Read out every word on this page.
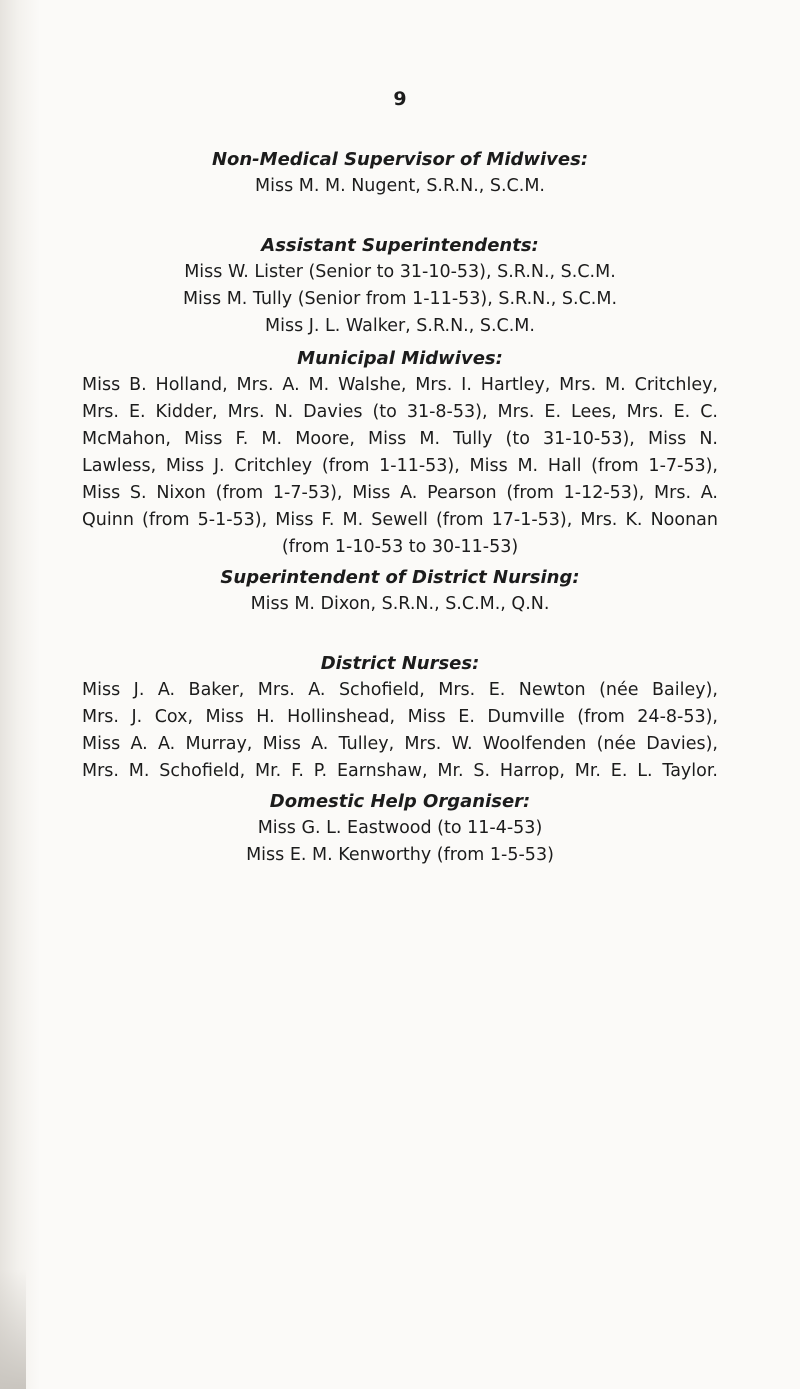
9
Non-Medical Supervisor of Midwives:
Miss M. M. Nugent, S.R.N., S.C.M.
Assistant Superintendents:
Miss W. Lister (Senior to 31-10-53), S.R.N., S.C.M.
Miss M. Tully (Senior from 1-11-53), S.R.N., S.C.M.
Miss J. L. Walker, S.R.N., S.C.M.
Municipal Midwives:
Miss B. Holland, Mrs. A. M. Walshe, Mrs. I. Hartley, Mrs. M. Critchley,
Mrs. E. Kidder, Mrs. N. Davies (to 31-8-53), Mrs. E. Lees, Mrs. E. C.
McMahon, Miss F. M. Moore, Miss M. Tully (to 31-10-53), Miss N.
Lawless, Miss J. Critchley (from 1-11-53), Miss M. Hall (from 1-7-53),
Miss S. Nixon (from 1-7-53), Miss A. Pearson (from 1-12-53), Mrs. A.
Quinn (from 5-1-53), Miss F. M. Sewell (from 17-1-53), Mrs. K. Noonan
(from 1-10-53 to 30-11-53)
Superintendent of District Nursing:
Miss M. Dixon, S.R.N., S.C.M., Q.N.
District Nurses:
Miss J. A. Baker, Mrs. A. Schofield, Mrs. E. Newton (née Bailey),
Mrs. J. Cox, Miss H. Hollinshead, Miss E. Dumville (from 24-8-53),
Miss A. A. Murray, Miss A. Tulley, Mrs. W. Woolfenden (née Davies),
Mrs. M. Schofield, Mr. F. P. Earnshaw, Mr. S. Harrop, Mr. E. L. Taylor.
Domestic Help Organiser:
Miss G. L. Eastwood (to 11-4-53)
Miss E. M. Kenworthy (from 1-5-53)
